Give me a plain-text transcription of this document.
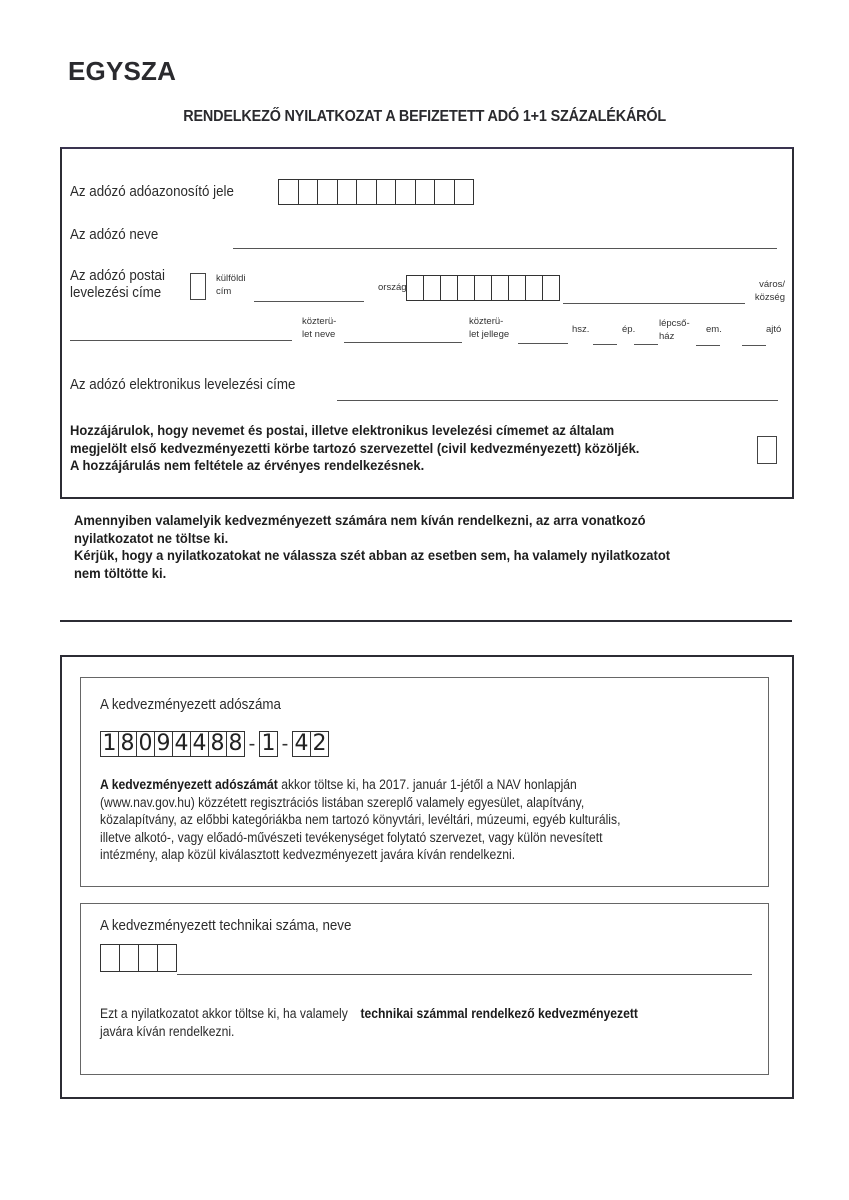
EGYSZA
RENDELKEZŐ NYILATKOZAT A BEFIZETETT ADÓ 1+1 SZÁZALÉKÁRÓL
Az adózó adóazonosító jele
Az adózó neve
Az adózó postai
levelezési címe
külföldi
cím	ország	város/
község
közterü-
let neve
közterü-
let jellege	hsz.	ép.
lépcső-
ház
em.	ajtó
Az adózó elektronikus levelezési címe
Hozzájárulok, hogy nevemet és postai, illetve elektronikus levelezési címemet az általam
megjelölt első kedvezményezetti körbe tartozó szervezettel (civil kedvezményezett) közöljék.
A hozzájárulás nem feltétele az érvényes rendelkezésnek.
Amennyiben valamelyik kedvezményezett számára nem kíván rendelkezni, az arra vonatkozó
nyilatkozatot ne töltse ki.
Kérjük, hogy a nyilatkozatokat ne válassza szét abban az esetben sem, ha valamely nyilatkozatot
nem töltötte ki.
A kedvezményezett adószáma
1 8 0 9 4 4 8 8 - 1 - 4 2
A kedvezményezett adószámát akkor töltse ki, ha 2017. január 1-jétől a NAV honlapján
(www.nav.gov.hu) közzétett regisztrációs listában szereplő valamely egyesület, alapítvány,
közalapítvány, az előbbi kategóriákba nem tartozó könyvtári, levéltári, múzeumi, egyéb kulturális,
illetve alkotó-, vagy előadó-művészeti tevékenységet folytató szervezet, vagy külön nevesített
intézmény, alap közül kiválasztott kedvezményezett javára kíván rendelkezni.
A kedvezményezett technikai száma, neve
Ezt a nyilatkozatot akkor töltse ki, ha valamely technikai számmal rendelkező kedvezményezett
javára kíván rendelkezni.
